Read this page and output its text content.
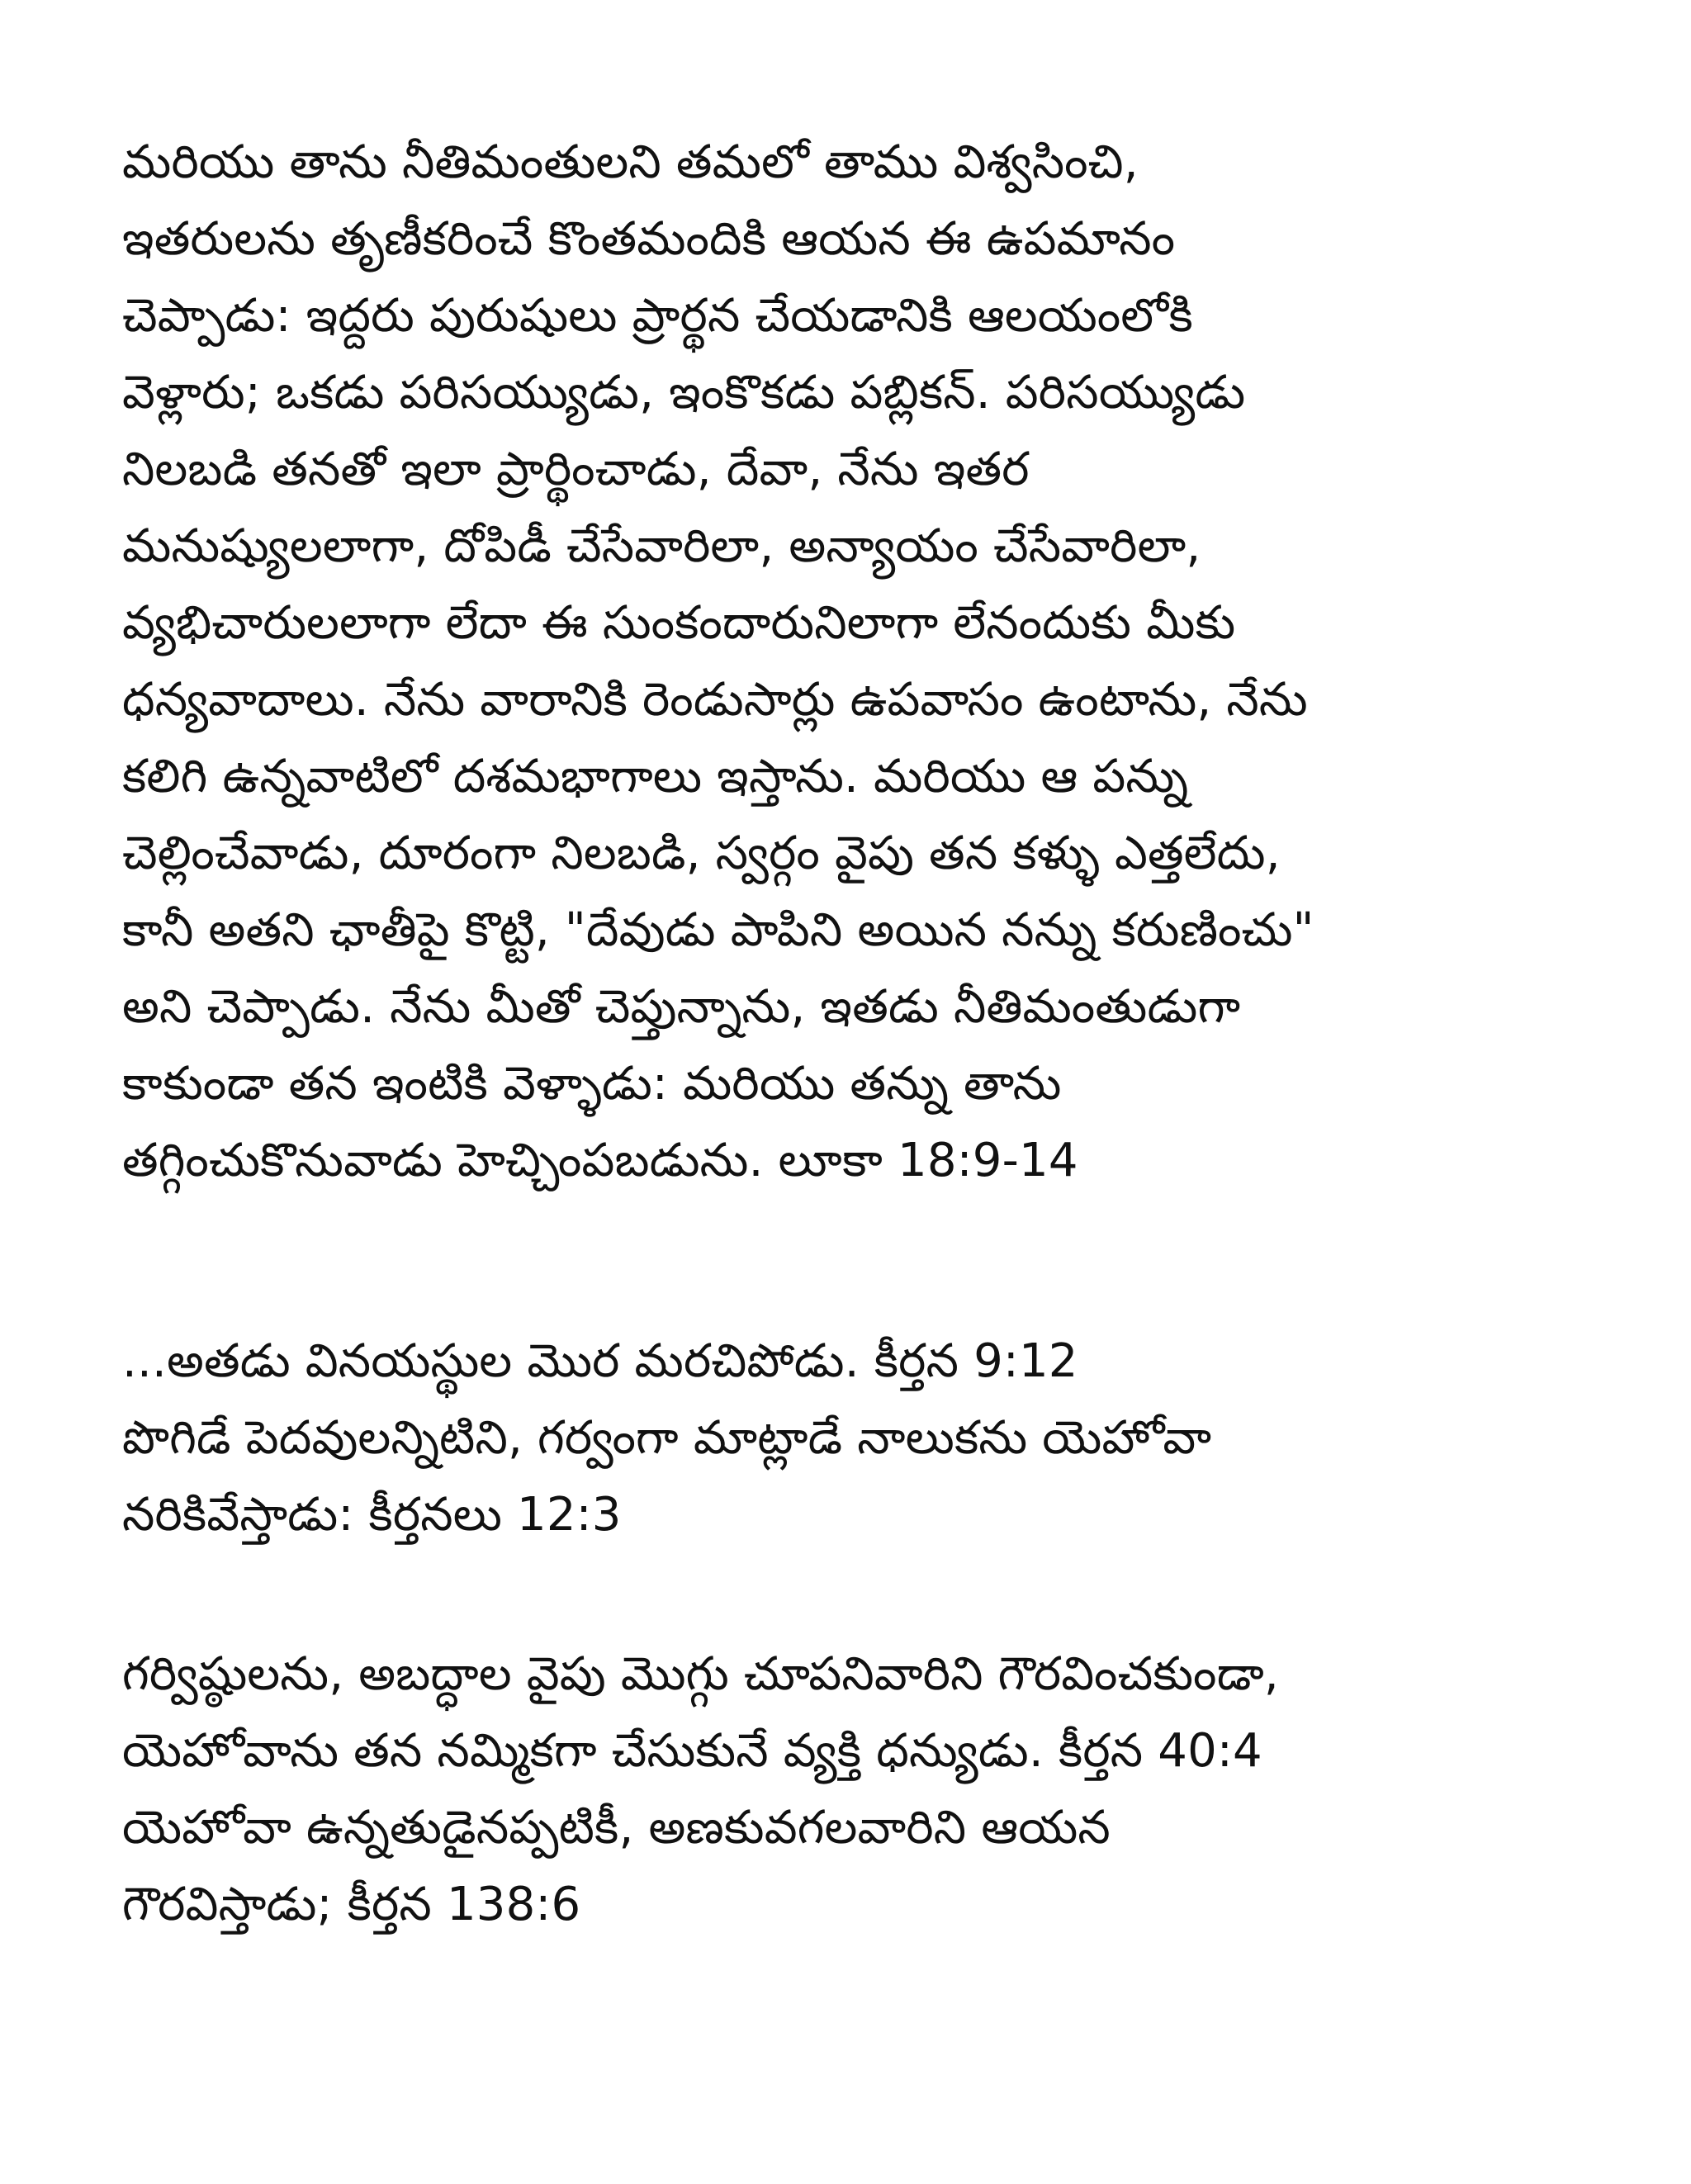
మరియు తాను నీతిమంతులని తమలో తాము విశ్వసించి,
ఇతరులను తృణీకరించే కొంతమందికి ఆయన ఈ ఉపమానం
చెప్పాడు: ఇద్దరు పురుషులు ప్రార్థన చేయడానికి ఆలయంలోకి
వెళ్లారు; ఒకడు పరిసయ్యుడు, ఇంకొకడు పబ్లికన్. పరిసయ్యుడు
నిలబడి తనతో ఇలా ప్రార్థించాడు, దేవా, నేను ఇతర
మనుష్యులలాగా, దోపిడీ చేసేవారిలా, అన్యాయం చేసేవారిలా,
వ్యభిచారులలాగా లేదా ఈ సుంకందారునిలాగా లేనందుకు మీకు
ధన్యవాదాలు. నేను వారానికి రెండుసార్లు ఉపవాసం ఉంటాను, నేను
కలిగి ఉన్నవాటిలో దశమభాగాలు ఇస్తాను. మరియు ఆ పన్ను
చెల్లించేవాడు, దూరంగా నిలబడి, స్వర్గం వైపు తన కళ్ళు ఎత్తలేదు,
కానీ అతని ఛాతీపై కొట్టి, "దేవుడు పాపిని అయిన నన్ను కరుణించు"
అని చెప్పాడు. నేను మీతో చెప్తున్నాను, ఇతడు నీతిమంతుడుగా
కాకుండా తన ఇంటికి వెళ్ళాడు: మరియు తన్ను తాను
తగ్గించుకొనువాడు హెచ్చింపబడును. లూకా 18:9-14

...అతడు వినయస్థుల మొర మరచిపోడు. కీర్తన 9:12
పొగిడే పెదవులన్నిటిని, గర్వంగా మాట్లాడే నాలుకను యెహోవా
నరికివేస్తాడు: కీర్తనలు 12:3

గర్విష్ఠులను, అబద్ధాల వైపు మొగ్గు చూపనివారిని గౌరవించకుండా,
యెహోవాను తన నమ్మికగా చేసుకునే వ్యక్తి ధన్యుడు. కీర్తన 40:4
యెహోవా ఉన్నతుడైనప్పటికీ, అణకువగలవారిని ఆయన
గౌరవిస్తాడు; కీర్తన 138:6
